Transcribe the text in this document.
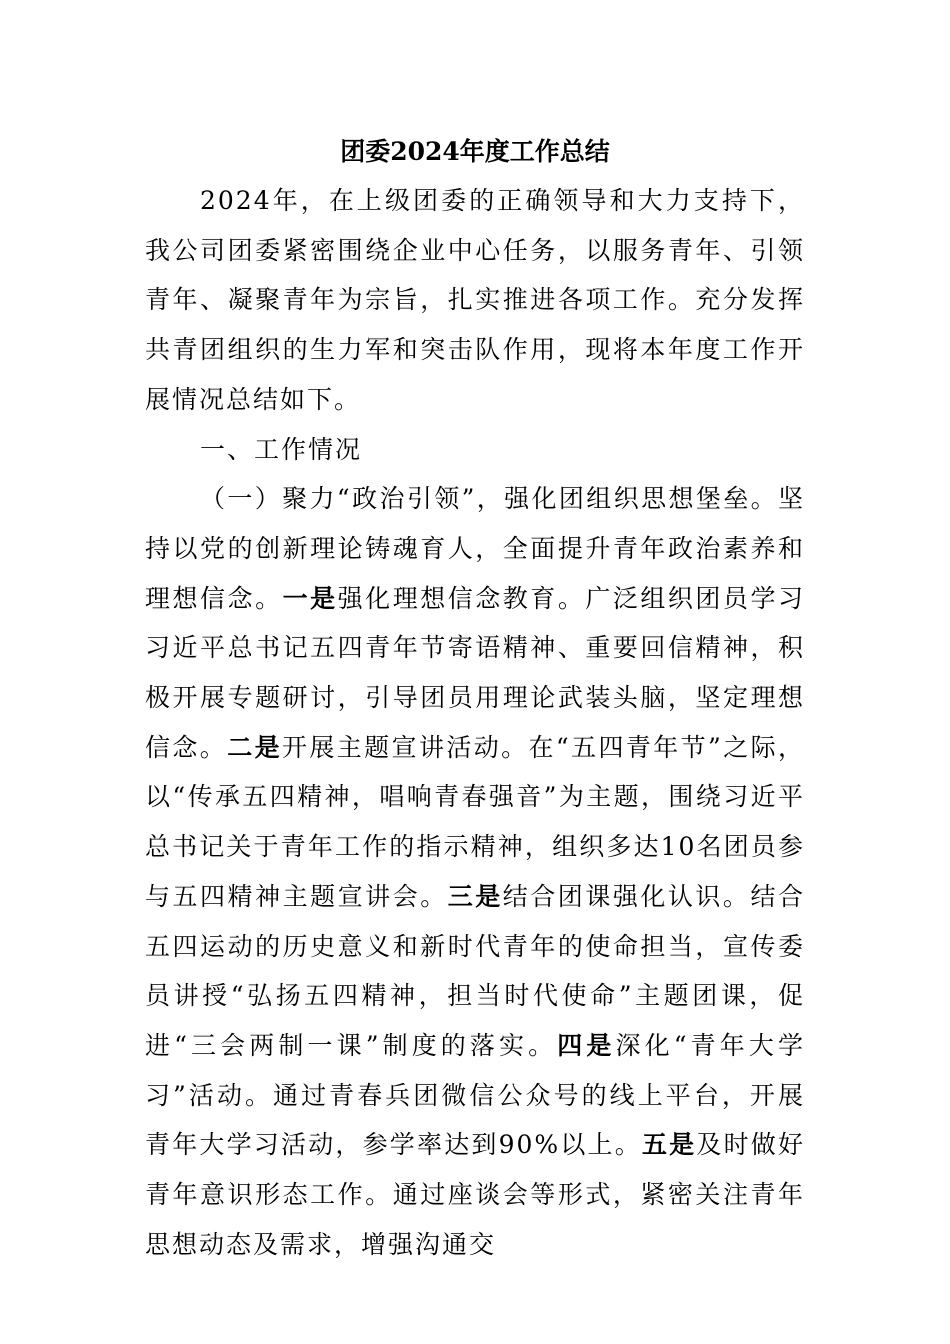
团委2024年度工作总结

2024年，在上级团委的正确领导和大力支持下，我公司团委紧密围绕企业中心任务，以服务青年、引领青年、凝聚青年为宗旨，扎实推进各项工作。充分发挥共青团组织的生力军和突击队作用，现将本年度工作开展情况总结如下。

一、工作情况

（一）聚力“政治引领”，强化团组织思想堡垒。坚持以党的创新理论铸魂育人，全面提升青年政治素养和理想信念。一是强化理想信念教育。广泛组织团员学习习近平总书记五四青年节寄语精神、重要回信精神，积极开展专题研讨，引导团员用理论武装头脑，坚定理想信念。二是开展主题宣讲活动。在“五四青年节”之际，以“传承五四精神，唱响青春强音”为主题，围绕习近平总书记关于青年工作的指示精神，组织多达10名团员参与五四精神主题宣讲会。三是结合团课强化认识。结合五四运动的历史意义和新时代青年的使命担当，宣传委员讲授“弘扬五四精神，担当时代使命”主题团课，促进“三会两制一课”制度的落实。四是深化“青年大学习”活动。通过青春兵团微信公众号的线上平台，开展青年大学习活动，参学率达到90%以上。五是及时做好青年意识形态工作。通过座谈会等形式，紧密关注青年思想动态及需求，增强沟通交
